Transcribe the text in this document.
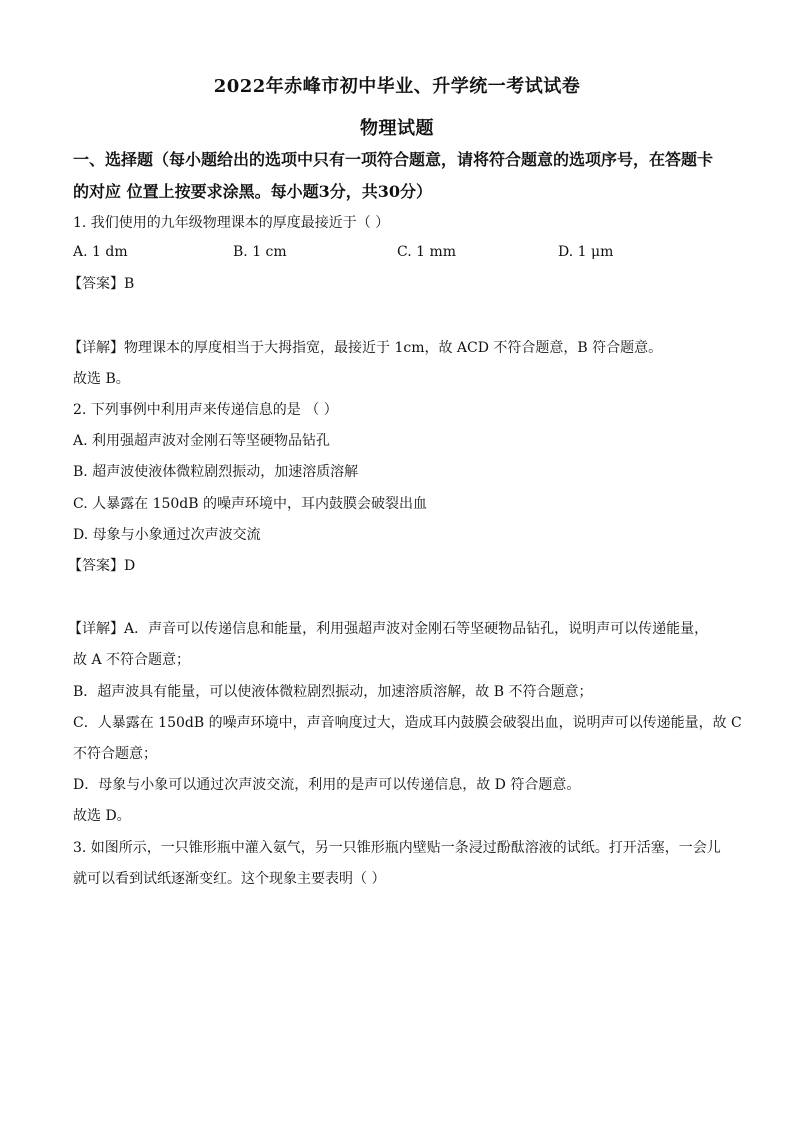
2022年赤峰市初中毕业、升学统一考试试卷
物理试题
一、选择题（每小题给出的选项中只有一项符合题意，请将符合题意的选项序号，在答题卡
的对应 位置上按要求涂黑。每小题3分，共30分）
1. 我们使用的九年级物理课本的厚度最接近于（ ）
A. 1 dm	B. 1 cm	C. 1 mm	D. 1 μm
【答案】B
【详解】物理课本的厚度相当于大拇指宽，最接近于 1cm，故 ACD 不符合题意，B 符合题意。
故选 B。
2. 下列事例中利用声来传递信息的是 （ ）
A. 利用强超声波对金刚石等坚硬物品钻孔
B. 超声波使液体微粒剧烈振动，加速溶质溶解
C. 人暴露在 150dB 的噪声环境中，耳内鼓膜会破裂出血
D. 母象与小象通过次声波交流
【答案】D
【详解】A．声音可以传递信息和能量，利用强超声波对金刚石等坚硬物品钻孔，说明声可以传递能量，
故 A 不符合题意；
B．超声波具有能量，可以使液体微粒剧烈振动，加速溶质溶解，故 B 不符合题意；
C．人暴露在 150dB 的噪声环境中，声音响度过大，造成耳内鼓膜会破裂出血，说明声可以传递能量，故 C
不符合题意；
D．母象与小象可以通过次声波交流，利用的是声可以传递信息，故 D 符合题意。
故选 D。
3. 如图所示，一只锥形瓶中灌入氨气，另一只锥形瓶内壁贴一条浸过酚酞溶液的试纸。打开活塞，一会儿
就可以看到试纸逐渐变红。这个现象主要表明（ ）
